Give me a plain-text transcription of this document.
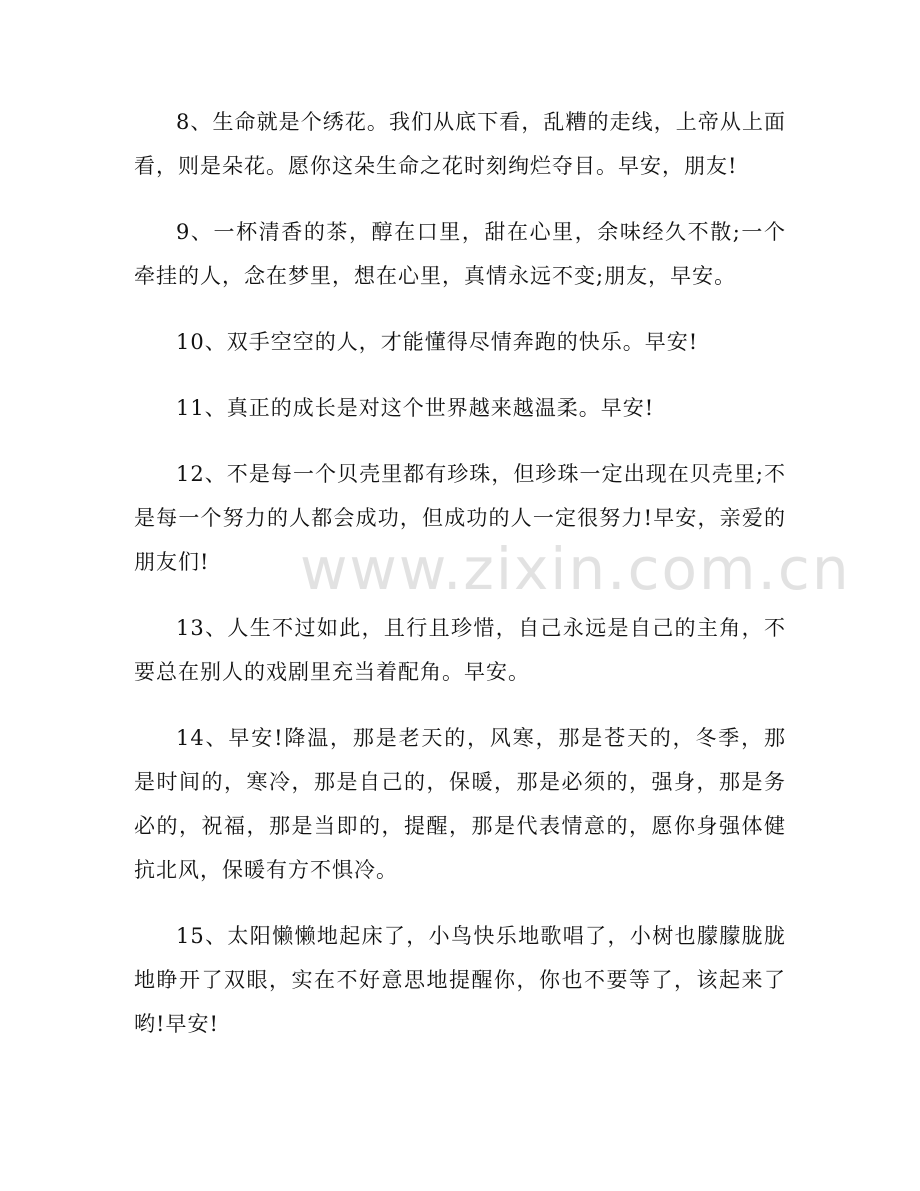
www.zixin.com.cn

8、生命就是个绣花。我们从底下看，乱糟的走线，上帝从上面看，则是朵花。愿你这朵生命之花时刻绚烂夺目。早安，朋友!

9、一杯清香的茶，醇在口里，甜在心里，余味经久不散;一个牵挂的人，念在梦里，想在心里，真情永远不变;朋友，早安。

10、双手空空的人，才能懂得尽情奔跑的快乐。早安!

11、真正的成长是对这个世界越来越温柔。早安!

12、不是每一个贝壳里都有珍珠，但珍珠一定出现在贝壳里;不是每一个努力的人都会成功，但成功的人一定很努力!早安，亲爱的朋友们!

13、人生不过如此，且行且珍惜，自己永远是自己的主角，不要总在别人的戏剧里充当着配角。早安。

14、早安!降温，那是老天的，风寒，那是苍天的，冬季，那是时间的，寒冷，那是自己的，保暖，那是必须的，强身，那是务必的，祝福，那是当即的，提醒，那是代表情意的，愿你身强体健抗北风，保暖有方不惧冷。

15、太阳懒懒地起床了，小鸟快乐地歌唱了，小树也朦朦胧胧地睁开了双眼，实在不好意思地提醒你，你也不要等了，该起来了哟!早安!
